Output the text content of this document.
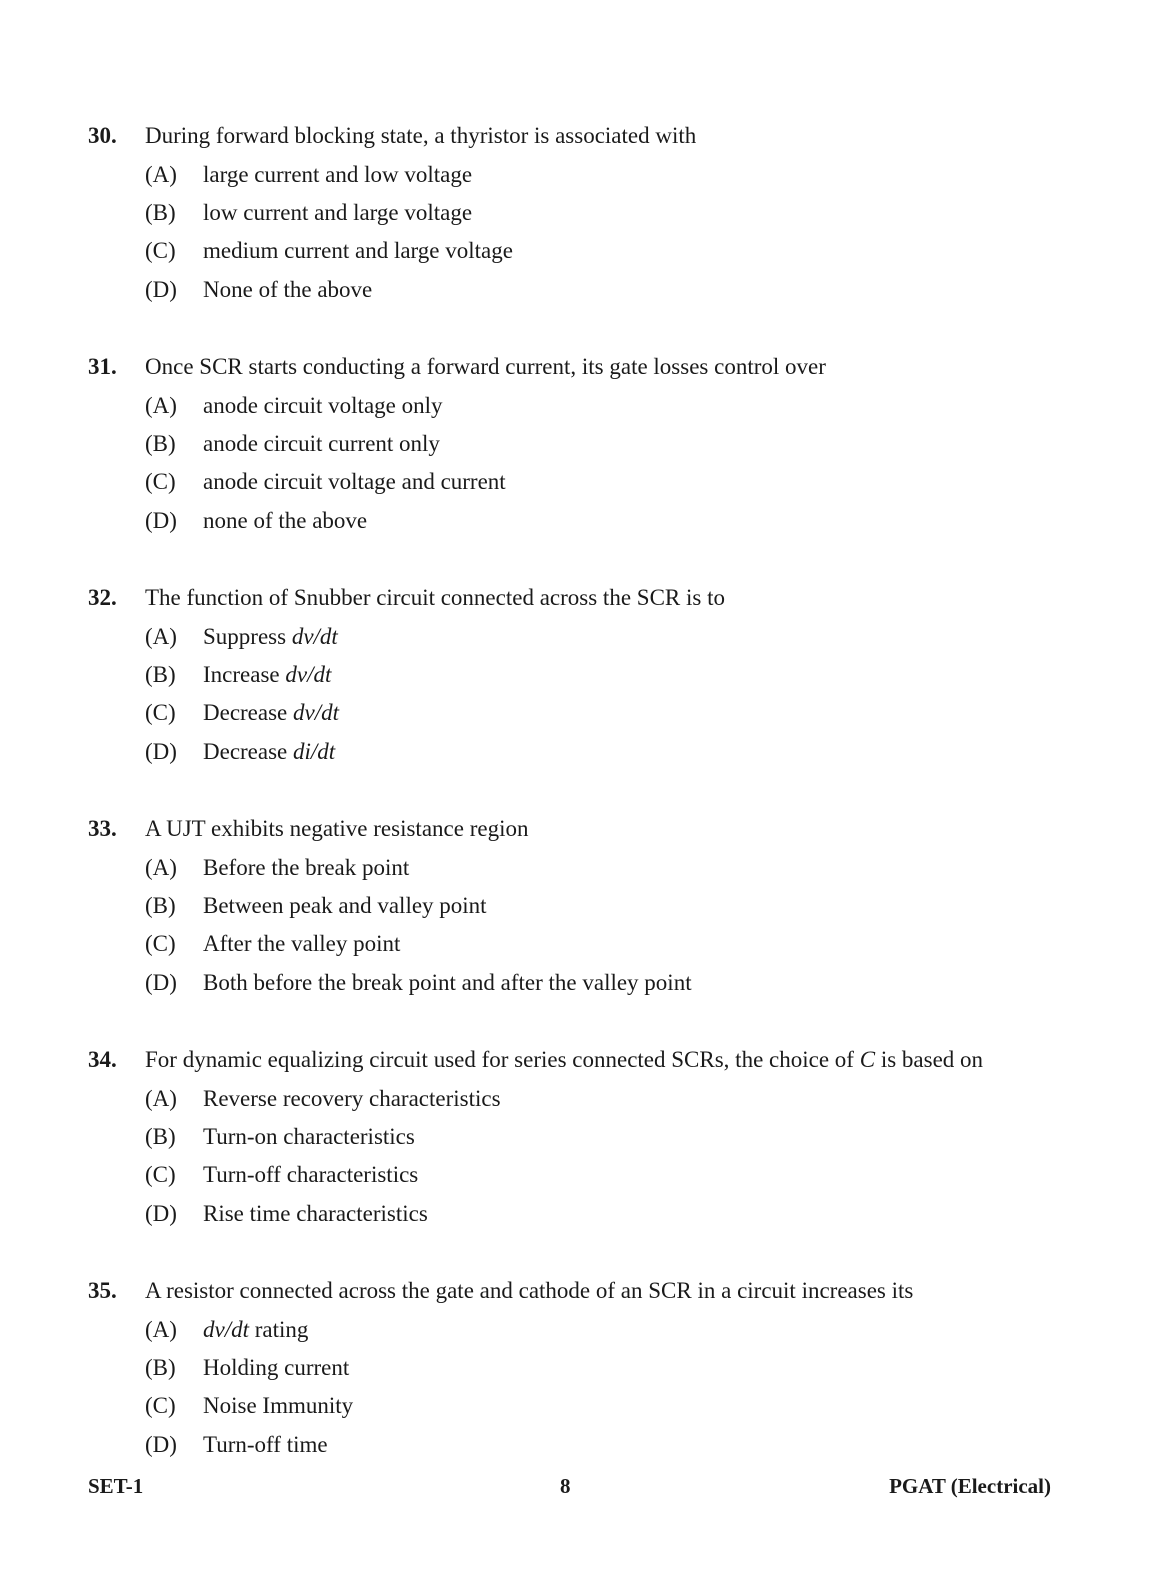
30. During forward blocking state, a thyristor is associated with
(A) large current and low voltage
(B) low current and large voltage
(C) medium current and large voltage
(D) None of the above
31. Once SCR starts conducting a forward current, its gate losses control over
(A) anode circuit voltage only
(B) anode circuit current only
(C) anode circuit voltage and current
(D) none of the above
32. The function of Snubber circuit connected across the SCR is to
(A) Suppress dv/dt
(B) Increase dv/dt
(C) Decrease dv/dt
(D) Decrease di/dt
33. A UJT exhibits negative resistance region
(A) Before the break point
(B) Between peak and valley point
(C) After the valley point
(D) Both before the break point and after the valley point
34. For dynamic equalizing circuit used for series connected SCRs, the choice of C is based on
(A) Reverse recovery characteristics
(B) Turn-on characteristics
(C) Turn-off characteristics
(D) Rise time characteristics
35. A resistor connected across the gate and cathode of an SCR in a circuit increases its
(A) dv/dt rating
(B) Holding current
(C) Noise Immunity
(D) Turn-off time
SET-1	8	PGAT (Electrical)
